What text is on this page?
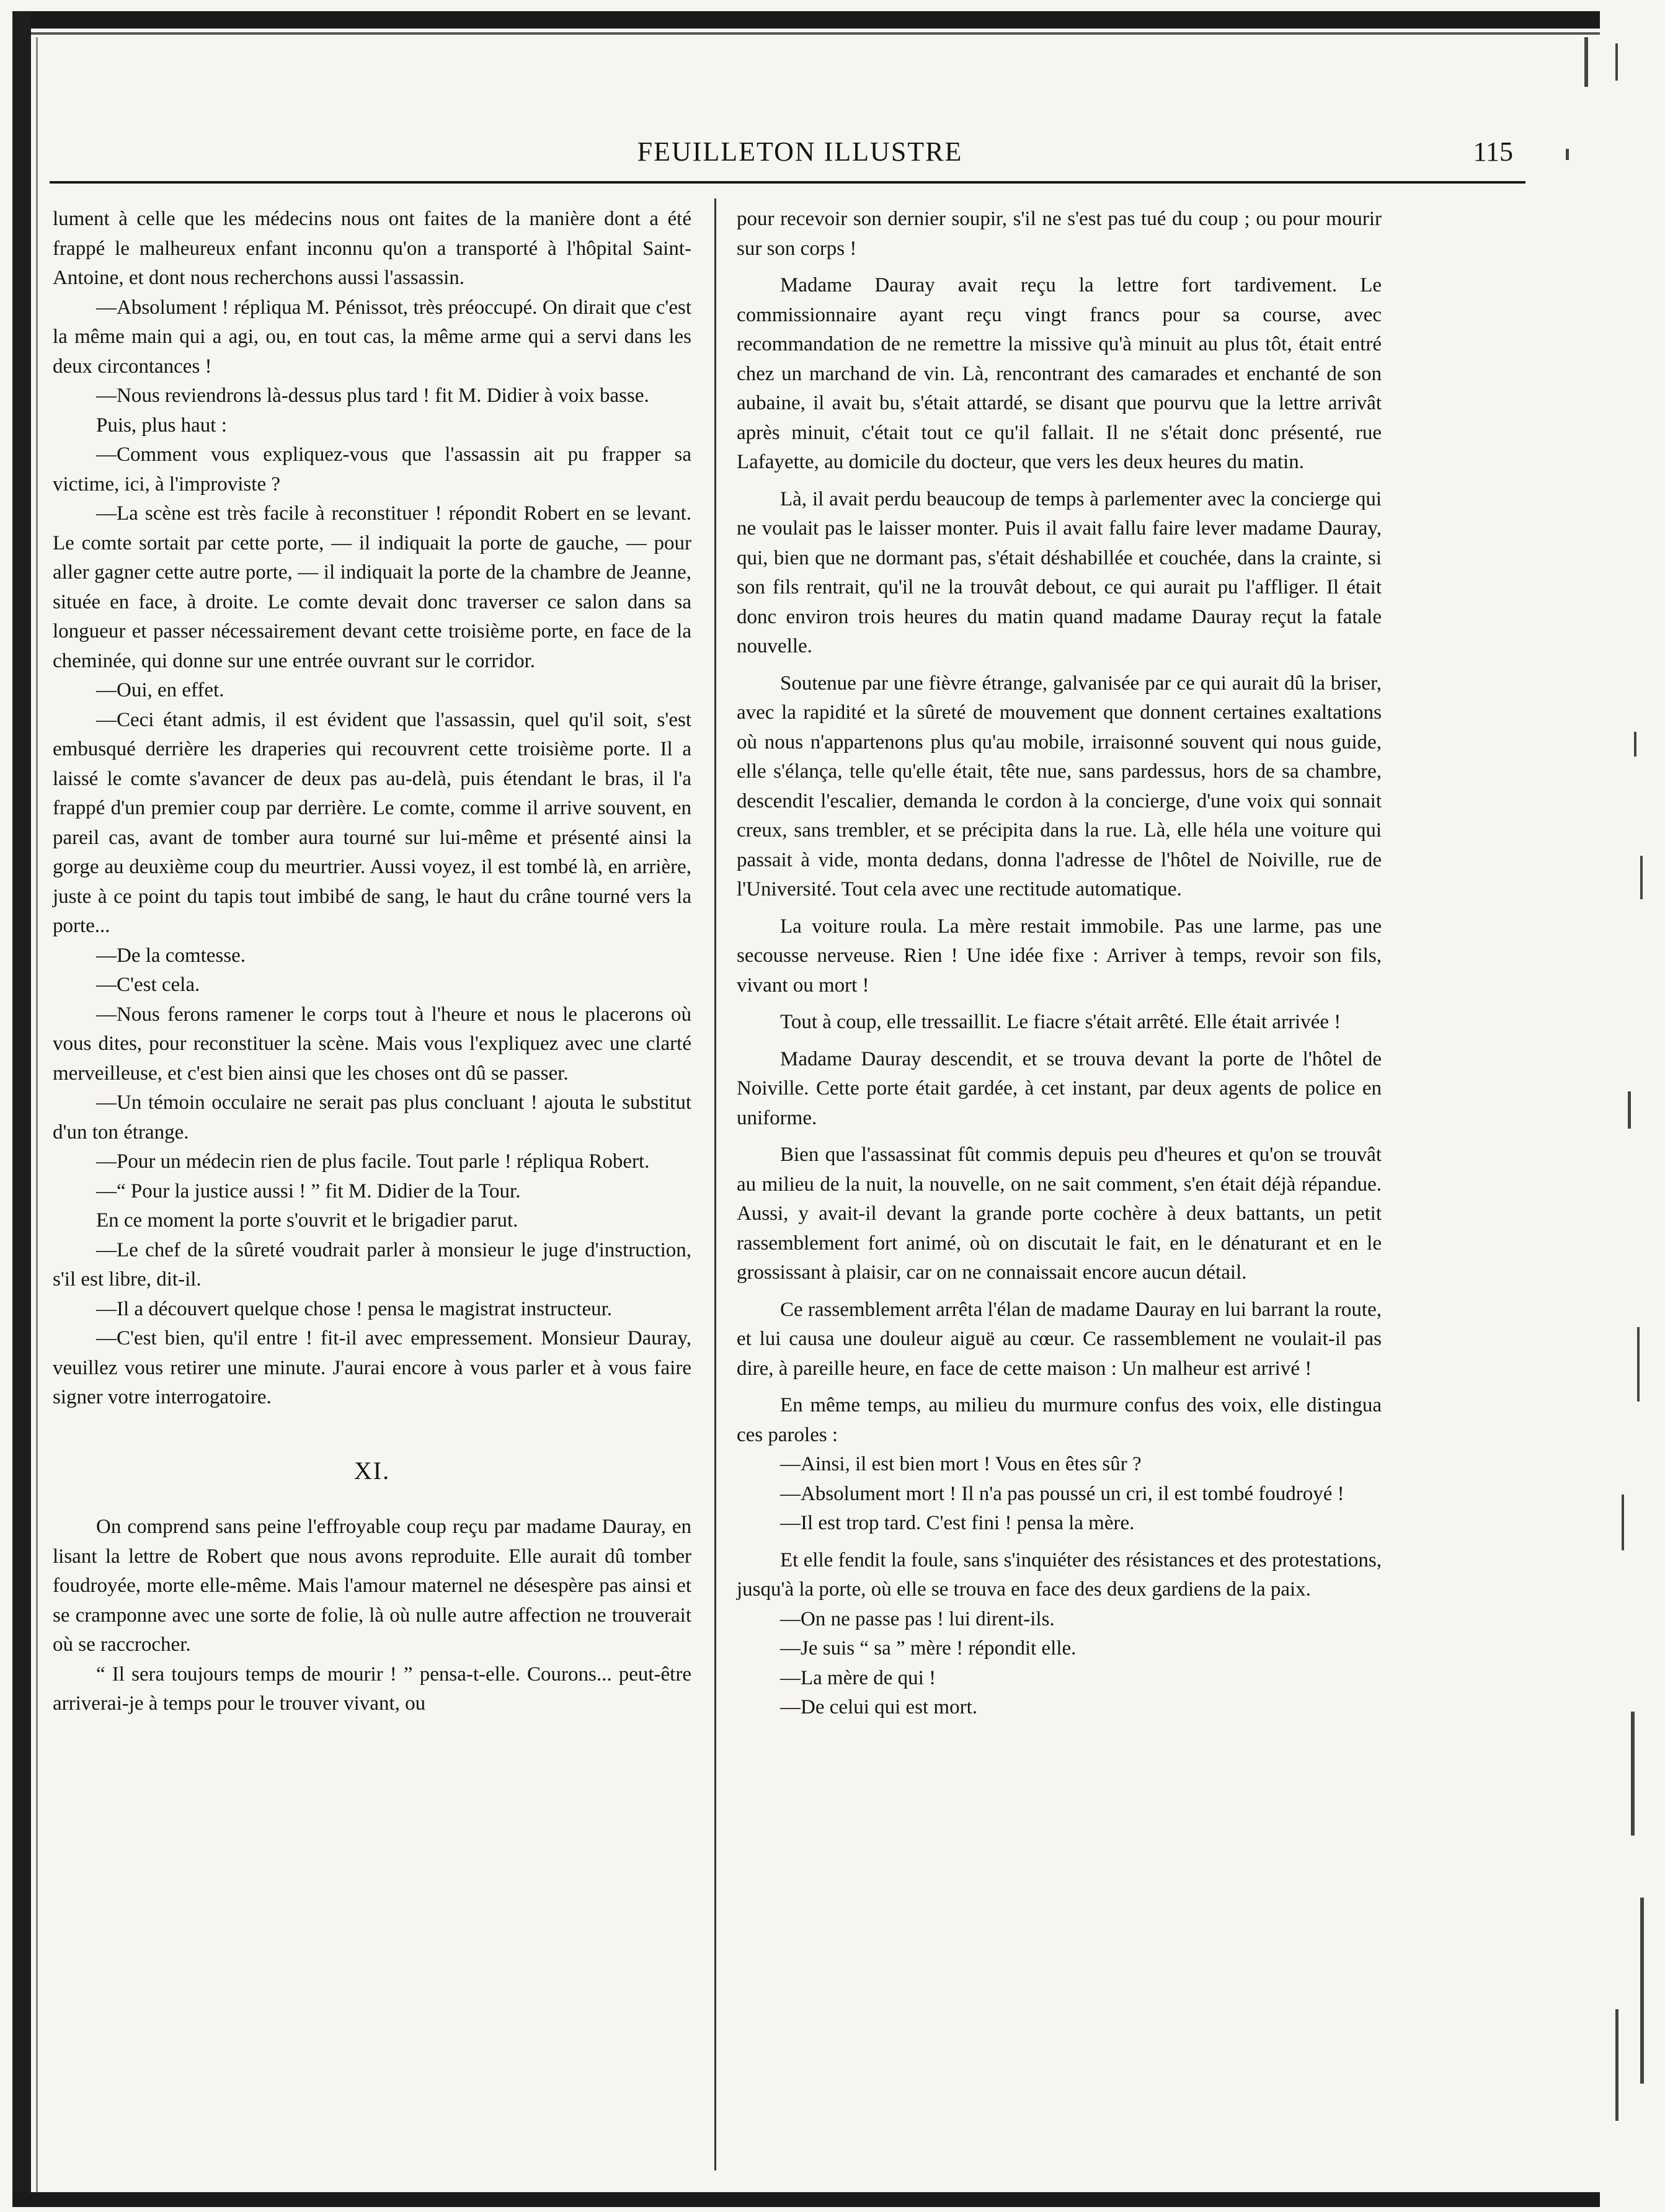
FEUILLETON ILLUSTRE	115

lument à celle que les médecins nous ont faites de la manière dont a été frappé le malheureux enfant inconnu qu'on a transporté à l'hôpital Saint-Antoine, et dont nous recherchons aussi l'assassin.

—Absolument ! répliqua M. Pénissot, très préoccupé. On dirait que c'est la même main qui a agi, ou, en tout cas, la même arme qui a servi dans les deux circontances !

—Nous reviendrons là-dessus plus tard ! fit M. Didier à voix basse.

Puis, plus haut :

—Comment vous expliquez-vous que l'assassin ait pu frapper sa victime, ici, à l'improviste ?

—La scène est très facile à reconstituer ! répondit Robert en se levant. Le comte sortait par cette porte, — il indiquait la porte de gauche, — pour aller gagner cette autre porte, — il indiquait la porte de la chambre de Jeanne, située en face, à droite. Le comte devait donc traverser ce salon dans sa longueur et passer nécessairement devant cette troisième porte, en face de la cheminée, qui donne sur une entrée ouvrant sur le corridor.

—Oui, en effet.

—Ceci étant admis, il est évident que l'assassin, quel qu'il soit, s'est embusqué derrière les draperies qui recouvrent cette troisième porte. Il a laissé le comte s'avancer de deux pas au-delà, puis étendant le bras, il l'a frappé d'un premier coup par derrière. Le comte, comme il arrive souvent, en pareil cas, avant de tomber aura tourné sur lui-même et présenté ainsi la gorge au deuxième coup du meurtrier. Aussi voyez, il est tombé là, en arrière, juste à ce point du tapis tout imbibé de sang, le haut du crâne tourné vers la porte...

—De la comtesse.

—C'est cela.

—Nous ferons ramener le corps tout à l'heure et nous le placerons où vous dites, pour reconstituer la scène. Mais vous l'expliquez avec une clarté merveilleuse, et c'est bien ainsi que les choses ont dû se passer.

—Un témoin occulaire ne serait pas plus concluant ! ajouta le substitut d'un ton étrange.

—Pour un médecin rien de plus facile. Tout parle ! répliqua Robert.

—“ Pour la justice aussi ! ” fit M. Didier de la Tour.

En ce moment la porte s'ouvrit et le brigadier parut.

—Le chef de la sûreté voudrait parler à monsieur le juge d'instruction, s'il est libre, dit-il.

—Il a découvert quelque chose ! pensa le magistrat instructeur.

—C'est bien, qu'il entre ! fit-il avec empressement. Monsieur Dauray, veuillez vous retirer une minute. J'aurai encore à vous parler et à vous faire signer votre interrogatoire.

XI.

On comprend sans peine l'effroyable coup reçu par madame Dauray, en lisant la lettre de Robert que nous avons reproduite. Elle aurait dû tomber foudroyée, morte elle-même. Mais l'amour maternel ne désespère pas ainsi et se cramponne avec une sorte de folie, là où nulle autre affection ne trouverait où se raccrocher.

“ Il sera toujours temps de mourir ! ” pensa-t-elle. Courons... peut-être arriverai-je à temps pour le trouver vivant, ou

pour recevoir son dernier soupir, s'il ne s'est pas tué du coup ; ou pour mourir sur son corps !

Madame Dauray avait reçu la lettre fort tardivement. Le commissionnaire ayant reçu vingt francs pour sa course, avec recommandation de ne remettre la missive qu'à minuit au plus tôt, était entré chez un marchand de vin. Là, rencontrant des camarades et enchanté de son aubaine, il avait bu, s'était attardé, se disant que pourvu que la lettre arrivât après minuit, c'était tout ce qu'il fallait. Il ne s'était donc présenté, rue Lafayette, au domicile du docteur, que vers les deux heures du matin.

Là, il avait perdu beaucoup de temps à parlementer avec la concierge qui ne voulait pas le laisser monter. Puis il avait fallu faire lever madame Dauray, qui, bien que ne dormant pas, s'était déshabillée et couchée, dans la crainte, si son fils rentrait, qu'il ne la trouvât debout, ce qui aurait pu l'affliger. Il était donc environ trois heures du matin quand madame Dauray reçut la fatale nouvelle.

Soutenue par une fièvre étrange, galvanisée par ce qui aurait dû la briser, avec la rapidité et la sûreté de mouvement que donnent certaines exaltations où nous n'appartenons plus qu'au mobile, irraisonné souvent qui nous guide, elle s'élança, telle qu'elle était, tête nue, sans pardessus, hors de sa chambre, descendit l'escalier, demanda le cordon à la concierge, d'une voix qui sonnait creux, sans trembler, et se précipita dans la rue. Là, elle héla une voiture qui passait à vide, monta dedans, donna l'adresse de l'hôtel de Noiville, rue de l'Université. Tout cela avec une rectitude automatique.

La voiture roula. La mère restait immobile. Pas une larme, pas une secousse nerveuse. Rien ! Une idée fixe : Arriver à temps, revoir son fils, vivant ou mort !

Tout à coup, elle tressaillit. Le fiacre s'était arrêté. Elle était arrivée !

Madame Dauray descendit, et se trouva devant la porte de l'hôtel de Noiville. Cette porte était gardée, à cet instant, par deux agents de police en uniforme.

Bien que l'assassinat fût commis depuis peu d'heures et qu'on se trouvât au milieu de la nuit, la nouvelle, on ne sait comment, s'en était déjà répandue. Aussi, y avait-il devant la grande porte cochère à deux battants, un petit rassemblement fort animé, où on discutait le fait, en le dénaturant et en le grossissant à plaisir, car on ne connaissait encore aucun détail.

Ce rassemblement arrêta l'élan de madame Dauray en lui barrant la route, et lui causa une douleur aiguë au cœur. Ce rassemblement ne voulait-il pas dire, à pareille heure, en face de cette maison : Un malheur est arrivé !

En même temps, au milieu du murmure confus des voix, elle distingua ces paroles :

—Ainsi, il est bien mort ! Vous en êtes sûr ?

—Absolument mort ! Il n'a pas poussé un cri, il est tombé foudroyé !

—Il est trop tard. C'est fini ! pensa la mère.

Et elle fendit la foule, sans s'inquiéter des résistances et des protestations, jusqu'à la porte, où elle se trouva en face des deux gardiens de la paix.

—On ne passe pas ! lui dirent-ils.

—Je suis “ sa ” mère ! répondit elle.

—La mère de qui !

—De celui qui est mort.
